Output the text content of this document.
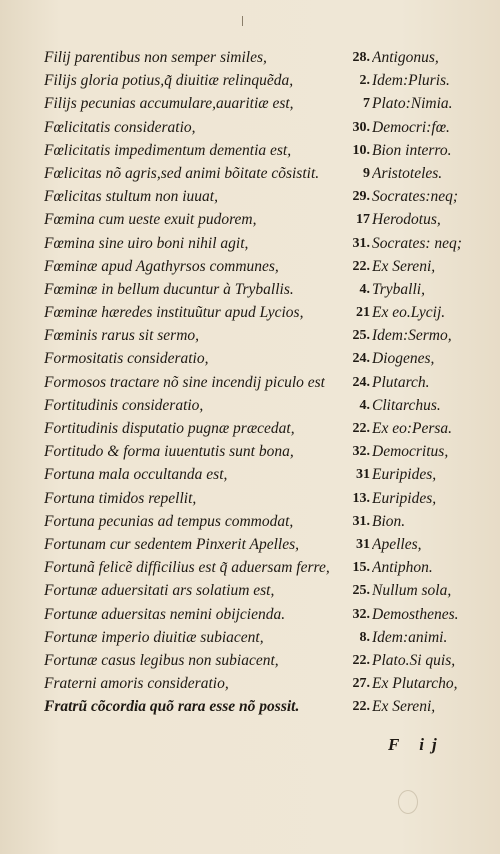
Filij parentibus non semper similes,	28. Antigonus,
Filijs gloria potius,q̃ diuitiæ relinquẽda,	2. Idem:Pluris.
Filijs pecunias accumulare,auaritiæ est,	7 Plato:Nimia.
Fœlicitatis consideratio,	30. Democri:fœ.
Fœlicitatis impedimentum dementia est,	10. Bion interro.
Fœlicitas nõ agris,sed animi bõitate cõsistit.	9 Aristoteles.
Fœlicitas stultum non iuuat,	29. Socrates:neq;
Fœmina cum ueste exuit pudorem,	17 Herodotus,
Fœmina sine uiro boni nihil agit,	31. Socrates: neq;
Fœminæ apud Agathyrsos communes,	22. Ex Sereni,
Fœminæ in bellum ducuntur à Tryballis.	4. Tryballi,
Fœminæ hæredes instituũtur apud Lycios,	21 Ex eo.Lycij.
Fœminis rarus sit sermo,	25. Idem:Sermo,
Formositatis consideratio,	24. Diogenes,
Formosos tractare nõ sine incendij piculo est	24. Plutarch.
Fortitudinis consideratio,	4. Clitarchus.
Fortitudinis disputatio pugnæ præcedat,	22. Ex eo:Persa.
Fortitudo & forma iuuentutis sunt bona,	32. Democritus,
Fortuna mala occultanda est,	31 Euripides,
Fortuna timidos repellit,	13. Euripides,
Fortuna pecunias ad tempus commodat,	31. Bion.
Fortunam cur sedentem Pinxerit Apelles,	31 Apelles,
Fortunã felicẽ difficilius est q̃ aduersam ferre,	15. Antiphon.
Fortunæ aduersitati ars solatium est,	25. Nullum sola,
Fortunæ aduersitas nemini obijcienda.	32. Demosthenes.
Fortunæ imperio diuitiæ subiacent,	8. Idem:animi.
Fortunæ casus legibus non subiacent,	22. Plato.Si quis,
Fraterni amoris consideratio,	27. Ex Plutarcho,
Fratrũ cõcordia quõ rara esse nõ possit.	22. Ex Sereni,
F ij
